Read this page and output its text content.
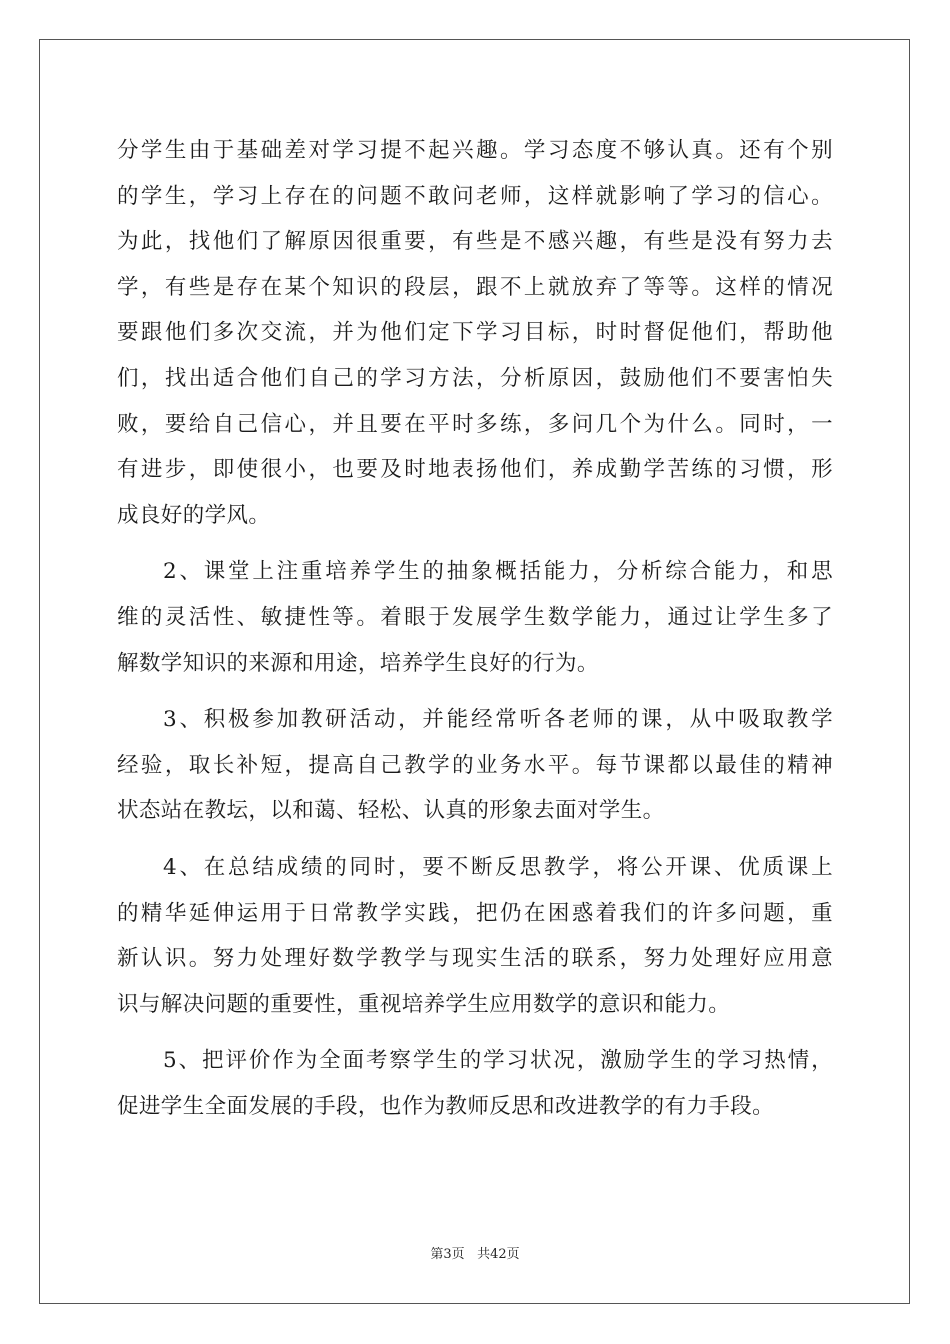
分学生由于基础差对学习提不起兴趣。学习态度不够认真。还有个别
的学生，学习上存在的问题不敢问老师，这样就影响了学习的信心。
为此，找他们了解原因很重要，有些是不感兴趣，有些是没有努力去
学，有些是存在某个知识的段层，跟不上就放弃了等等。这样的情况
要跟他们多次交流，并为他们定下学习目标，时时督促他们，帮助他
们，找出适合他们自己的学习方法，分析原因，鼓励他们不要害怕失
败，要给自己信心，并且要在平时多练，多问几个为什么。同时，一
有进步，即使很小，也要及时地表扬他们，养成勤学苦练的习惯，形
成良好的学风。
2、课堂上注重培养学生的抽象概括能力，分析综合能力，和思
维的灵活性、敏捷性等。着眼于发展学生数学能力，通过让学生多了
解数学知识的来源和用途，培养学生良好的行为。
3、积极参加教研活动，并能经常听各老师的课，从中吸取教学
经验，取长补短，提高自己教学的业务水平。每节课都以最佳的精神
状态站在教坛，以和蔼、轻松、认真的形象去面对学生。
4、在总结成绩的同时，要不断反思教学，将公开课、优质课上
的精华延伸运用于日常教学实践，把仍在困惑着我们的许多问题，重
新认识。努力处理好数学教学与现实生活的联系，努力处理好应用意
识与解决问题的重要性，重视培养学生应用数学的意识和能力。
5、把评价作为全面考察学生的学习状况，激励学生的学习热情，
促进学生全面发展的手段，也作为教师反思和改进教学的有力手段。
第3页 共42页
